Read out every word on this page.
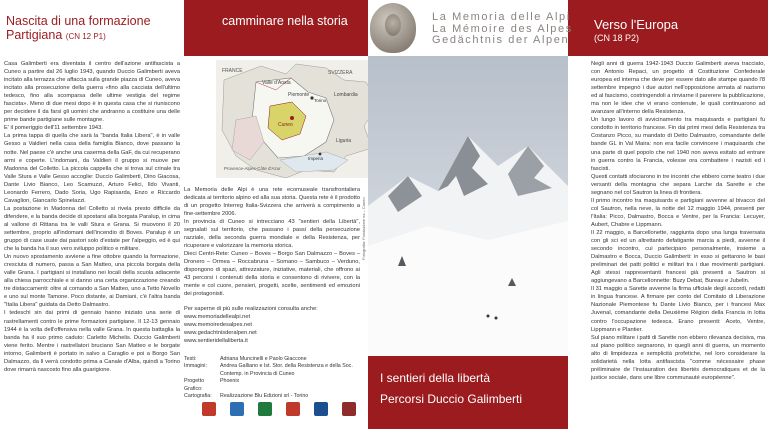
Nascita di una formazione
Partigiana (CN 12 P1)
camminare nella storia	La Memoria delle Alpi
La Mémoire des Alpes
Gedächtnis der Alpen
Verso l'Europa
(CN 18 P2)

Casa Galimberti era diventata il centro dell'azione antifascista a Cuneo a partire dal 26 luglio 1943, quando Duccio Galimberti aveva incitato alla terrazza che affaccia sulla grande piazza di Cuneo, aveva incitato alla prosecuzione della guerra «fino alla cacciata dell'ultimo tedesco, fino alla scomparsa delle ultime vestigia del regime fascista». Meno di due mesi dopo è in questa casa che si riuniscono per decidere il da farsi gli uomini che andranno a costituire una delle prime bande partigiane sulle montagne.

E' il pomeriggio dell'11 settembre 1943.

La prima tappa di quella che sarà la "banda Italia Libera", è in valle Gesso a Valdieri nella casa della famiglia Bianco, dove passano la notte. Nel paese c'è anche una caserma della GaF, da cui recuperano armi e coperte. L'indomani, da Valdieri il gruppo si muove per Madonna del Colletto. La piccola cappella che si trova sul crinale tra Valle Stura e Valle Gesso accoglie: Duccio Galimberti, Dino Giacosa, Dante Livio Bianco, Leo Scamuzzi, Arturo Felici, Ildo Vivanti, Leonardo Ferrero, Dado Soria, Ugo Rapisarda, Enzo e Riccardo Cavaglion, Giancarlo Spinelazzi.

La postazione in Madonna del Colletto si rivela presto difficile da difendere, e la banda decide di spostarsi alla borgata Paralup, in cima al vallone di Rittana tra le valli Stura e Grana. Si muovono il 20 settembre, proprio all'indomani dell'incendio di Boves. Paralup è un gruppo di case usate dai pastori solo d'estate per l'alpeggio, ed è qui che la banda ha il suo vero sviluppo politico e militare.

Un nuovo spostamento avviene a fine ottobre quando la formazione, cresciuta di numero, passa a San Matteo, una piccola borgata della valle Grana. I partigiani si installano nei locali della scuola adiacente alla chiesa parrocchiale e si danno una certa organizzazione creando tre distaccamenti: oltre al comando a San Matteo, uno a Tetto Novello e uno sul monte Tamone. Poco distante, ai Damiani, c'è l'altra banda "Italia Libera" guidata da Detto Dalmastro.

I tedeschi sin dai primi di gennaio hanno iniziato una serie di rastrellamenti contro le prime formazioni partigiane. Il 12-13 gennaio 1944 è la volta dell'offensiva nella valle Grana. In questa battaglia la banda ha il suo primo caduto: Carletto Michelis. Duccio Galimberti viene ferito. Mentre i rastrellatori bruciano San Matteo e le borgate intorno, Galimberti è portato in salvo a Caraglio e poi a Borgo San Dalmazzo, da lì verrà condotto prima a Canale d'Alba, quindi a Torino dove rimarrà nascosto fino alla guarigione.

FRANCE	SVIZZERA
Valle d'Aosta
Piemonte	Lombardia
Liguria
Cuneo
Torino
Imperia
Provence-Alpes-Côte d'Azur

La Memoria delle Alpi è una rete ecomuseale transfrontaliera dedicata ai territorio alpino ed alla sua storia. Questa rete è il prodotto di un progetto Interreg Italia-Svizzera che arriverà a compimento a fine-settembre 2006.

In provincia di Cuneo si intrecciano 43 "sentieri della Libertà", segnalati sul territorio, che passano i passi della persecuzione razziale, della seconda guerra mondiale e della Resistenza, per ricuperare e valorizzare la memoria storica.

Dieci Centri-Rete: Cuneo – Boves – Borgo San Dalmazzo – Boves – Dronero – Ormea – Roccabruna – Somano – Sambuco – Verduno, dispongono di spazi, attrezzature, iniziative, materiali, che offrono ai 43 percorsi i contenuti della storia e consentono di rivivere, con la mente e col cuore, pensieri, progetti, scelte, sentimenti ed emozioni dei protagonisti.

Per saperne di più sulle realizzazioni consulta anche:

www.memoriadellealpi.net

www.memoiredesalpes.net

www.gedachtnisderalpen.net

www.sentieridellaliberta.it

Fotografia: Fondazione ex – Cuneo
Testi:	Adriana Muncinelli e Paolo Giaccone
Immagini:	Andrea Galliano e Ist. Stor. della Resistenza e della Soc. Contemp. in Provincia di Cuneo
Progetto Grafico:
Phoenix
Cartografia:	Realizzazione Blu Edizioni srl - Torino
I sentieri della libertà
Percorsi Duccio Galimberti

Negli anni di guerra 1942-1943 Duccio Galimberti aveva tracciato, con Antonio Repaci, un progetto di Costituzione Confederale europea ed interna che deve per essere dato alle stampe quando l'8 settembre impegnò i due autori nell'opposizione armata al nazismo ed al fascismo, costringendoli a rinviarne il parerere la pubblicazione, ma non le idee che vi erano contenute, le quali continuarono ad avanzare all'interno della Resistenza.

Un lungo lavoro di avvicinamento tra maquisards e partigiani fu condotto in territorio francese. Fin dai primi mesi della Resistenza tra Costanzo Picco, su mandato di Detto Dalmastro, comandante delle bande GL in Val Maira: non era facile convincere i maquisards che una parte di quel popolo che nel 1940 non aveva esitato ad entrare in guerra contro la Francia, volesse ora combattere i nazisti ed i fascisti.

Questi contatti sfociarono in tre incontri che ebbero come teatro i due versanti della montagna che separa Larche da Sarette e che segnano nel col Sautron la linea di frontiera.

Il primo incontro tra maquisards e partigiani avvenne al bivacco del col Sautron, nella neve, la notte del 12 maggio 1944, presenti per l'Italia: Picco, Dalmastro, Bocca e Ventre, per la Francia: Lecuyer, Aubert, Chabre e Lippmann.

Il 22 maggio, a Barcellonette, raggiunta dopo una lunga traversata con gli sci ed un altrettanto defatigante marcia a piedi, avvenne il secondo incontro, cui parteciparo personalmente, insieme a Dalmastro e Bocca, Duccio Galimberti: in esso si gettarono le basi preliminari dei patti politici e militari tra i due movimenti partigiani. Agli stessi rappresentanti francesi già presenti a Sautron si aggiungevano a Barcellonnette: Buzy Debat, Bureau e Jubelin.

Il 31 maggio a Sarette avvenne la firma ufficiale degli accordi, redatti in lingua francese. A firmare per conto del Comitato di Liberazione Nazionale Piemontese fu Dante Livio Bianco, per i francesi Max Juvenal, comandante della Deuxième Région della Francia in lotta contro l'occupazione tedesca. Erano presenti: Aceto, Ventre, Lippmann e Plantier.

Sul piano militare i patti di Sarette non ebbero rilevanza decisiva, ma sul piano politico segnarono, in quegli anni di guerra, un momento alto di limpidezza e semplicità profetiche, nel loro considerare la solidarietà nella lotta antifascista "comme nécessaire phase préliminaire de l'instauration des libertés democratiques et de la justice sociale, dans une libre communauté européenne".
